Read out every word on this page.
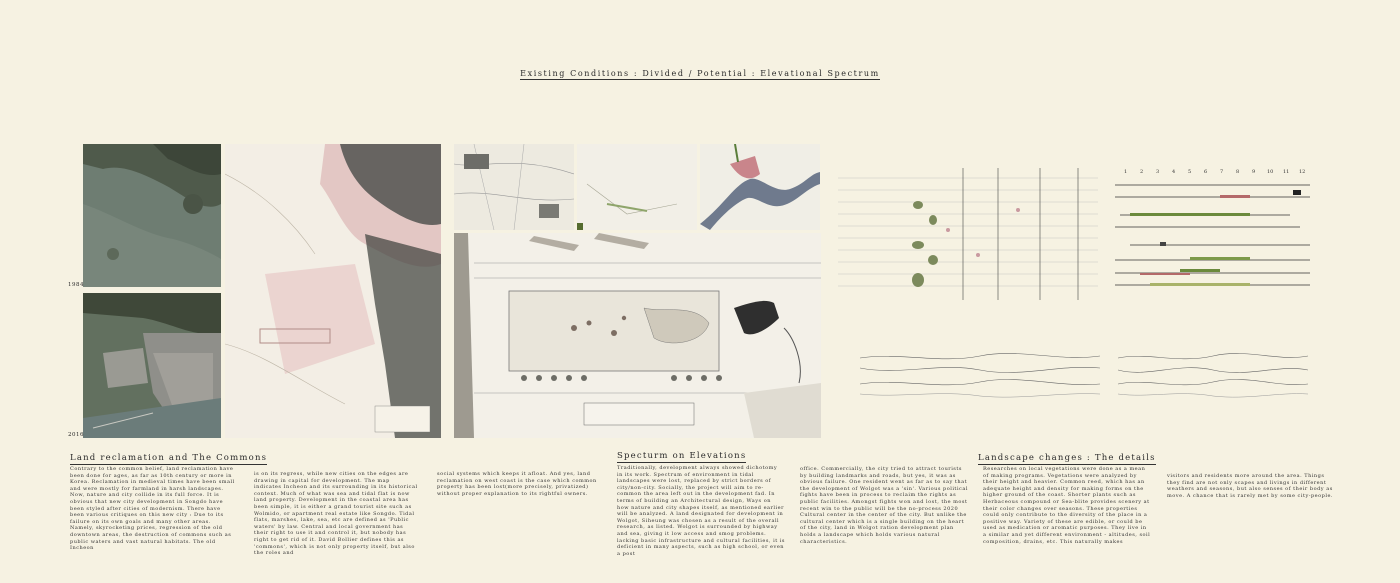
Existing Conditions : Divided / Potential : Elevational Spectrum
1984
2016
1	2	3	4	5	6	7	8	9 10 11 12
Land reclamation and The Commons	Specturm on Elevations	Landscape changes : The details
Contrary to the common belief, land reclamation have been done for ages, as far as 10th century or more in Korea. Reclamation in medieval times have been small and were mostly for farmland in harsh landscapes. Now, nature and city collide in its full force. It is obvious that new city development in Songdo have been styled after cities of modernism. There have been various critiques on this new city : Due to its failure on its own goals and many other areas. Namely, skyrocketing prices, regression of the old downtown areas, the destruction of commons such as public waters and vast natural habitats. The old Incheon
is on its regress, while new cities on the edges are drawing in capital for development. The map indicates Incheon and its surrounding in its historical context. Much of what was sea and tidal flat is now land property. Development in the coastal area has been simple, it is either a grand tourist site such as Wolmido, or apartment real estate like Songdo. Tidal flats, marshes, lake, sea, etc are defined as 'Public waters' by law. Central and local government has their right to use it and control it, but nobody has right to get rid of it. David Bollier defines this as 'commons', which is not only property itself, but also the roles and
social systems which keeps it afloat. And yes, land reclamation on west coast is the case which common property has been lost(more precisely, privatized) without proper explanation to its rightful owners.
Traditionally, development always showed dichotomy in its work. Spectrum of environment in tidal landscapes were lost, replaced by strict borders of city/non-city. Socially, the project will aim to re-common the area left out in the development fad. In terms of building an Architectural design, Ways on how nature and city shapes itself, as mentioned earlier will be analyzed. A land designated for development in Wolgot, Siheung was chosen as a result of the overall research, as listed. Wolgot is surrounded by highway and sea, giving it low access and smog problems. lacking basic infrastructure and cultural facilities, it is deficient in many aspects, such as high school, or even a post
office. Commercially, the city tried to attract tourists by building landmarks and roads, but yes, it was as obvious failure. One resident went as far as to say that the development of Wolgot was a 'sin'. Various political fights have been in process to reclaim the rights as public facilities. Amongst fights won and lost, the most recent win to the public will be the no-process 2020 Cultural center in the center of the city. But unlike the cultural center which is a single building on the heart of the city, land in Wolgot ration development plan holds a landscape which holds various natural characteristics.
Researches on local vegetations were done as a mean of making programs. Vegetations were analyzed by their height and heavier. Common reed, which has an adequate height and density for making forms on the higher ground of the coast. Shorter plants such as Herbaceous compound or Sea-blite provides scenery at their color changes over seasons. These properties could only contribute to the diversity of the place in a positive way. Variety of these are edible, or could be used as medication or aromatic purposes. They live in a similar and yet different environment - altitudes, soil composition, drains, etc. This naturally makes
visitors and residents more around the area. Things they find are not only scapes and livings in different weathers and seasons, but also senses of their body as move. A chance that is rarely met by some city-people.
